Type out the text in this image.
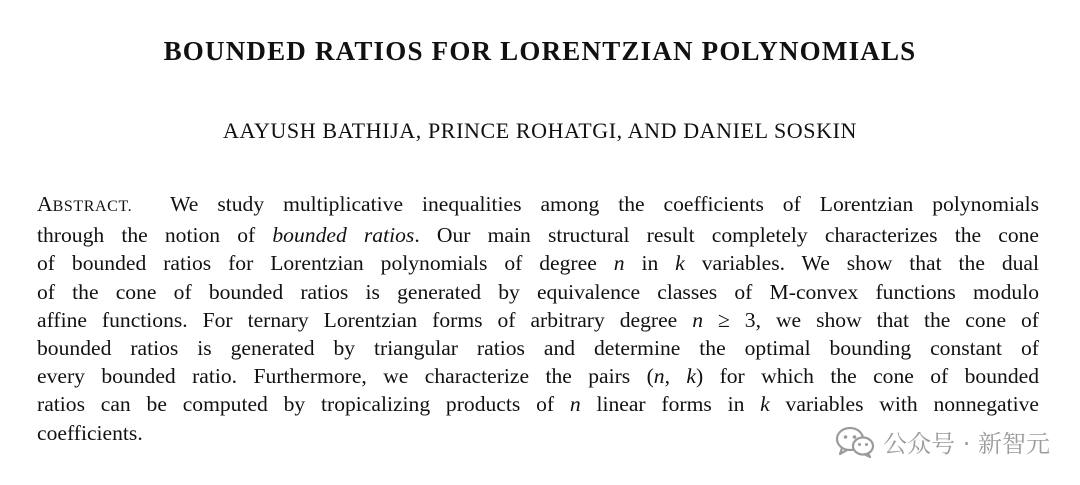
BOUNDED RATIOS FOR LORENTZIAN POLYNOMIALS
AAYUSH BATHIJA, PRINCE ROHATGI, AND DANIEL SOSKIN
ABSTRACT. We study multiplicative inequalities among the coefficients of Lorentzian polynomials
through the notion of bounded ratios. Our main structural result completely characterizes the cone
of bounded ratios for Lorentzian polynomials of degree n in k variables. We show that the dual
of the cone of bounded ratios is generated by equivalence classes of M-convex functions modulo
affine functions. For ternary Lorentzian forms of arbitrary degree n ≥ 3, we show that the cone of
bounded ratios is generated by triangular ratios and determine the optimal bounding constant of
every bounded ratio. Furthermore, we characterize the pairs (n, k) for which the cone of bounded
ratios can be computed by tropicalizing products of n linear forms in k variables with nonnegative
coefficients.	公众号 · 新智元
